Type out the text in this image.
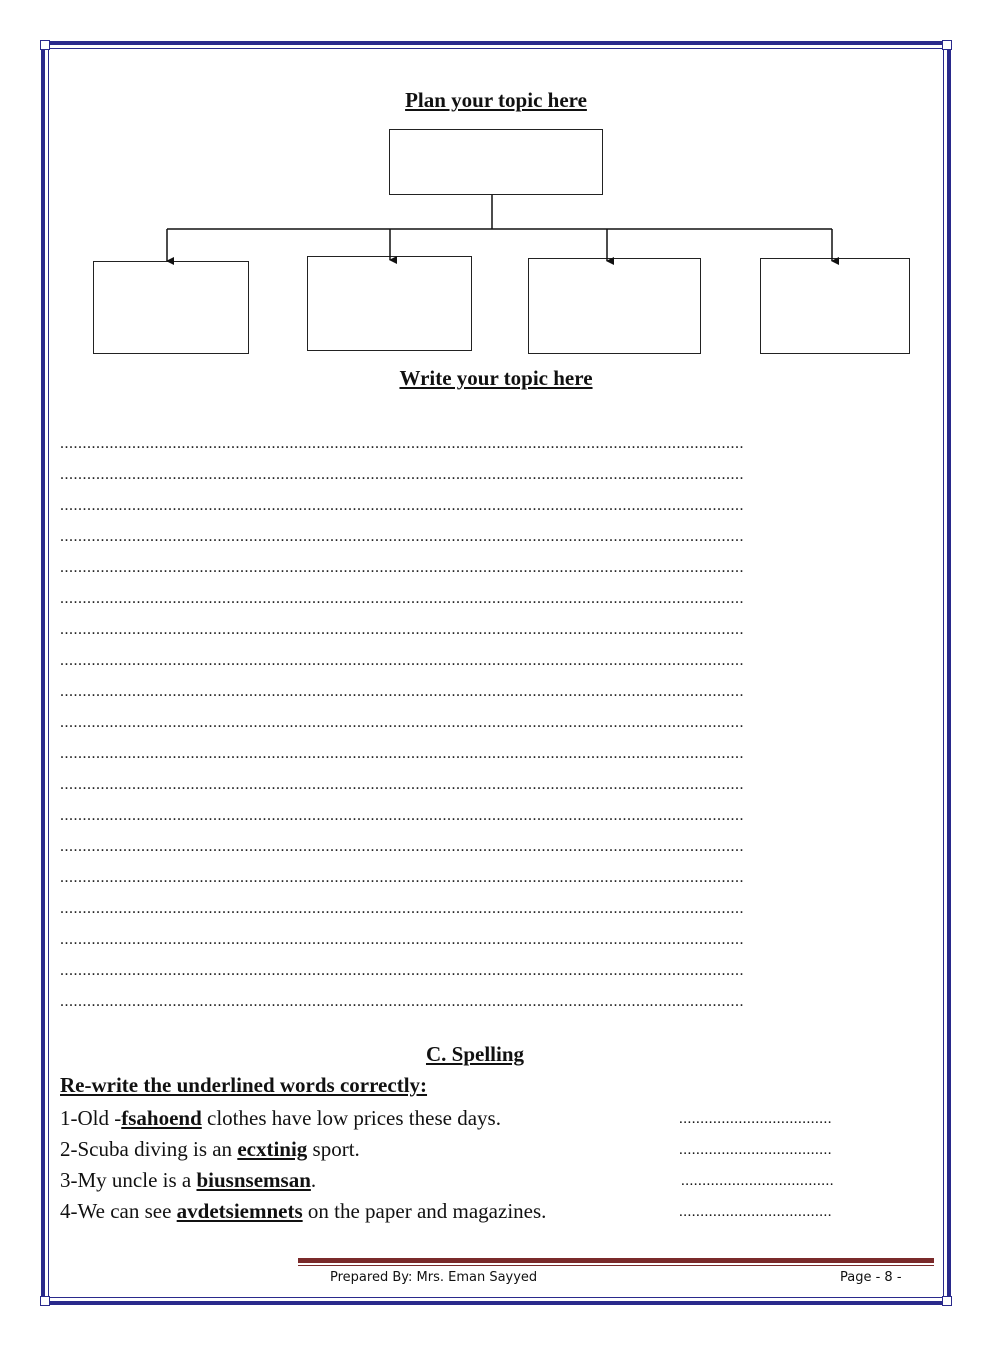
Plan your topic here
Write your topic here
........................................................................................................................................................
........................................................................................................................................................
........................................................................................................................................................
........................................................................................................................................................
........................................................................................................................................................
........................................................................................................................................................
........................................................................................................................................................
........................................................................................................................................................
........................................................................................................................................................
........................................................................................................................................................
........................................................................................................................................................
........................................................................................................................................................
........................................................................................................................................................
........................................................................................................................................................
........................................................................................................................................................
........................................................................................................................................................
........................................................................................................................................................
........................................................................................................................................................
........................................................................................................................................................
C. Spelling
Re-write the underlined words correctly:
1-Old -fsahoend clothes have low prices these days.	....................................
2-Scuba diving is an ecxtinig sport.	....................................
3-My uncle is a biusnsemsan.	....................................
4-We can see avdetsiemnets on the paper and magazines.	....................................
Prepared By: Mrs. Eman Sayyed	Page - 8 -
